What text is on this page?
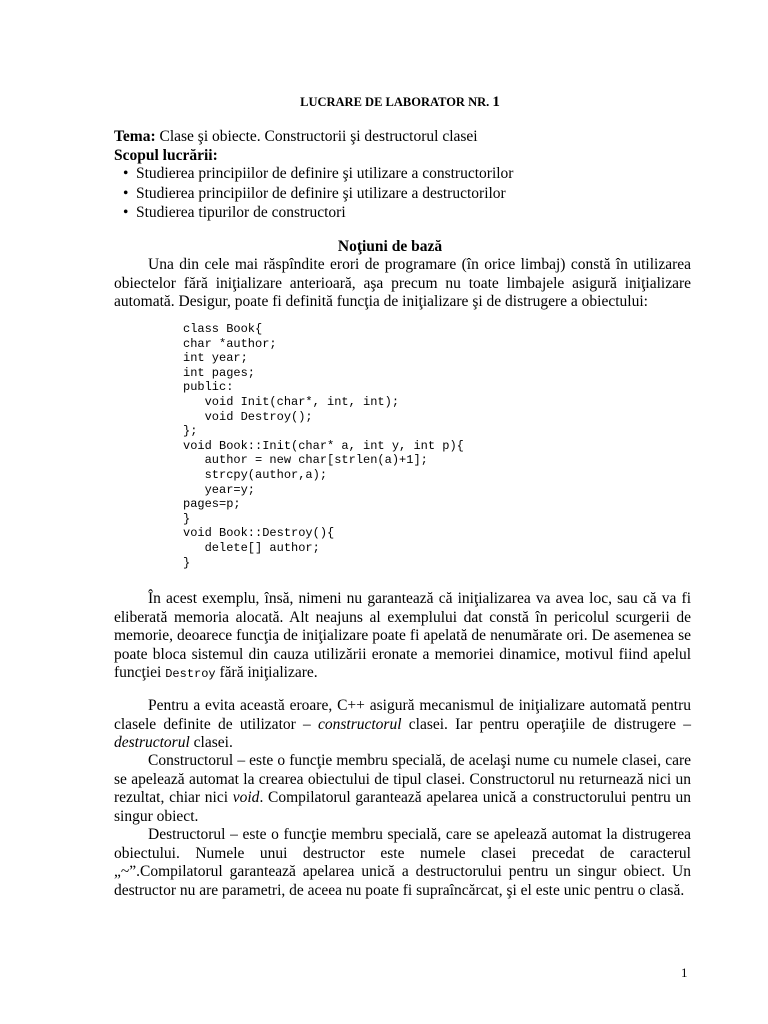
LUCRARE DE LABORATOR NR. 1
Tema: Clase şi obiecte. Constructorii şi destructorul clasei
Scopul lucrării:
• Studierea principiilor de definire şi utilizare a constructorilor
• Studierea principiilor de definire şi utilizare a destructorilor
• Studierea tipurilor de constructori
Noţiuni de bază

Una din cele mai răspîndite erori de programare (în orice limbaj) constă în utilizarea obiectelor fără iniţializare anterioară, aşa precum nu toate limbajele asigură iniţializare automată. Desigur, poate fi definită funcţia de iniţializare şi de distrugere a obiectului:

class Book{
char *author;
int year;
int pages;
public:
void Init(char*, int, int);
void Destroy();
};
void Book::Init(char* a, int y, int p){
author = new char[strlen(a)+1];
strcpy(author,a);
year=y;
pages=p;
}
void Book::Destroy(){
delete[] author;
}

În acest exemplu, însă, nimeni nu garantează că iniţializarea va avea loc, sau că va fi eliberată memoria alocată. Alt neajuns al exemplului dat constă în pericolul scurgerii de memorie, deoarece funcţia de iniţializare poate fi apelată de nenumărate ori. De asemenea se poate bloca sistemul din cauza utilizării eronate a memoriei dinamice, motivul fiind apelul funcţiei Destroy fără iniţializare.

Pentru a evita această eroare, C++ asigură mecanismul de iniţializare automată pentru clasele definite de utilizator – constructorul clasei. Iar pentru operaţiile de distrugere – destructorul clasei.

Constructorul – este o funcţie membru specială, de acelaşi nume cu numele clasei, care se apelează automat la crearea obiectului de tipul clasei. Constructorul nu returnează nici un rezultat, chiar nici void. Compilatorul garantează apelarea unică a constructorului pentru un singur obiect.

Destructorul – este o funcţie membru specială, care se apelează automat la distrugerea obiectului. Numele unui destructor este numele clasei precedat de caracterul „~”.Compilatorul garantează apelarea unică a destructorului pentru un singur obiect. Un destructor nu are parametri, de aceea nu poate fi supraîncărcat, şi el este unic pentru o clasă.

1
